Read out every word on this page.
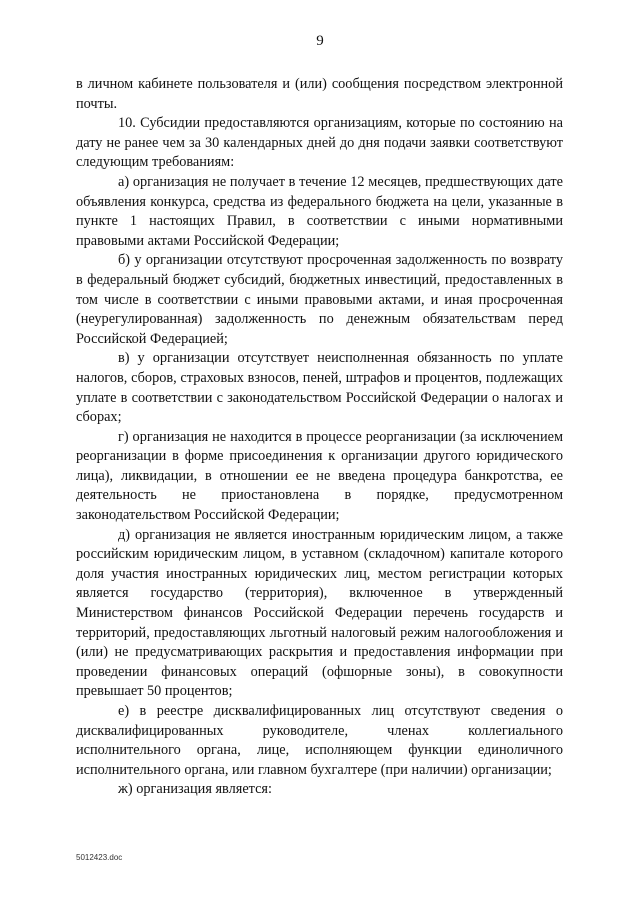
9

в личном кабинете пользователя и (или) сообщения посредством электронной почты.

10. Субсидии предоставляются организациям, которые по состоянию на дату не ранее чем за 30 календарных дней до дня подачи заявки соответствуют следующим требованиям:

а) организация не получает в течение 12 месяцев, предшествующих дате объявления конкурса, средства из федерального бюджета на цели, указанные в пункте 1 настоящих Правил, в соответствии с иными нормативными правовыми актами Российской Федерации;

б) у организации отсутствуют просроченная задолженность по возврату в федеральный бюджет субсидий, бюджетных инвестиций, предоставленных в том числе в соответствии с иными правовыми актами, и иная просроченная (неурегулированная) задолженность по денежным обязательствам перед Российской Федерацией;

в) у организации отсутствует неисполненная обязанность по уплате налогов, сборов, страховых взносов, пеней, штрафов и процентов, подлежащих уплате в соответствии с законодательством Российской Федерации о налогах и сборах;

г) организация не находится в процессе реорганизации (за исключением реорганизации в форме присоединения к организации другого юридического лица), ликвидации, в отношении ее не введена процедура банкротства, ее деятельность не приостановлена в порядке, предусмотренном законодательством Российской Федерации;

д) организация не является иностранным юридическим лицом, а также российским юридическим лицом, в уставном (складочном) капитале которого доля участия иностранных юридических лиц, местом регистрации которых является государство (территория), включенное в утвержденный Министерством финансов Российской Федерации перечень государств и территорий, предоставляющих льготный налоговый режим налогообложения и (или) не предусматривающих раскрытия и предоставления информации при проведении финансовых операций (офшорные зоны), в совокупности превышает 50 процентов;

е) в реестре дисквалифицированных лиц отсутствуют сведения о дисквалифицированных руководителе, членах коллегиального исполнительного органа, лице, исполняющем функции единоличного исполнительного органа, или главном бухгалтере (при наличии) организации;

ж) организация является:

5012423.doc
